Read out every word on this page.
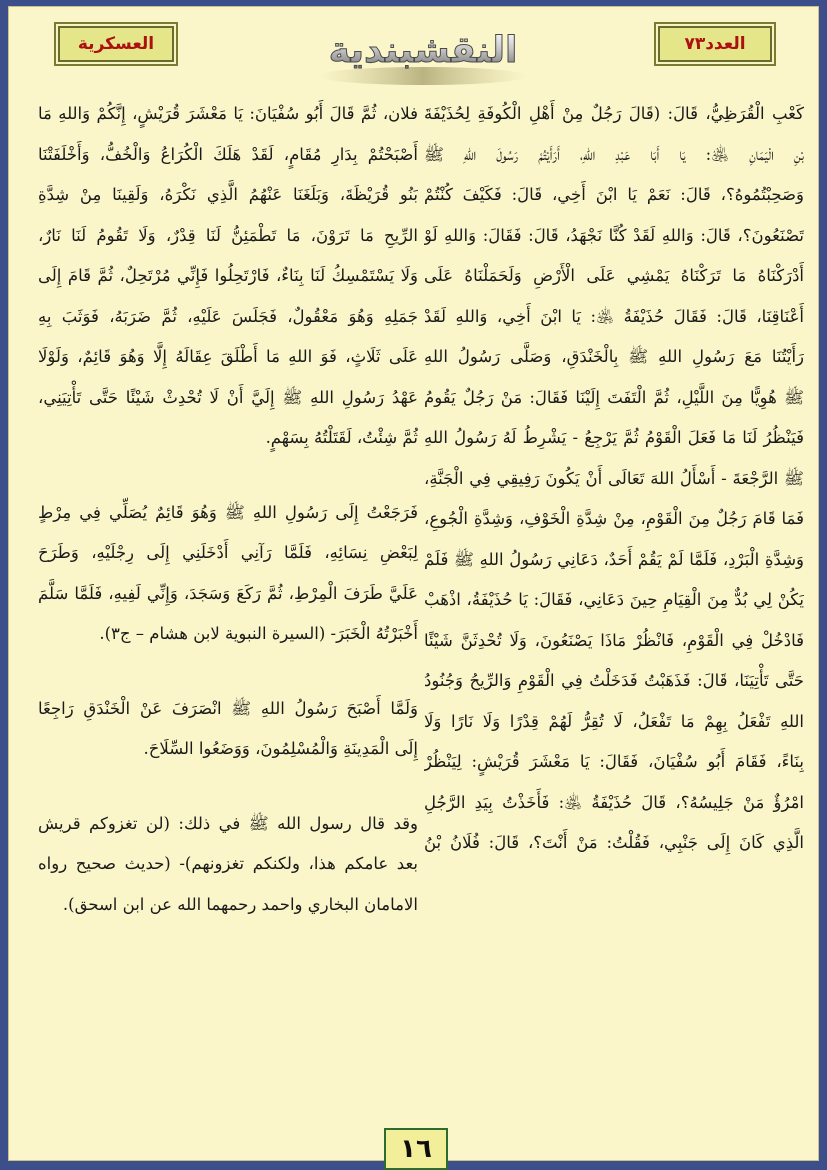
العسكرية	النقشبندية	العدد٧٣

كَعْبِ الْقُرَظِيُّ، قَالَ: (قَالَ رَجُلٌ مِنْ أَهْلِ الْكُوفَةِ لِحُذَيْفَةَ
بْنِ الْيَمَانِ ﵁: يَا أَبَا عَبْدِ اللهِ، أَرَأَيْتُمْ رَسُولَ اللهِ ﷺ
وَصَحِبْتُمُوهُ؟، قَالَ: نَعَمْ يَا ابْنَ أَخِي، قَالَ: فَكَيْفَ كُنْتُمْ
تَصْنَعُونَ؟، قَالَ: وَاللهِ لَقَدْ كُنَّا نَجْهَدُ، قَالَ: فَقَالَ: وَاللهِ لَوْ
أَدْرَكْنَاهُ مَا تَرَكْنَاهُ يَمْشِي عَلَى الْأَرْضِ وَلَحَمَلْنَاهُ عَلَى
أَعْنَاقِنَا، قَالَ: فَقَالَ حُذَيْفَةُ ﵁: يَا ابْنَ أَخِي، وَاللهِ لَقَدْ
رَأَيْتُنَا مَعَ رَسُولِ اللهِ ﷺ بِالْخَنْدَقِ، وَصَلَّى رَسُولُ اللهِ
ﷺ هُوِيًّا مِنَ اللَّيْلِ، ثُمَّ الْتَفَتَ إِلَيْنَا فَقَالَ: مَنْ رَجُلٌ يَقُومُ
فَيَنْظُرُ لَنَا مَا فَعَلَ الْقَوْمُ ثُمَّ يَرْجِعُ - يَشْرِطُ لَهُ رَسُولُ اللهِ
ﷺ الرَّجْعَةَ - أَسْأَلُ اللهَ تَعَالَى أَنْ يَكُونَ رَفِيقِي فِي الْجَنَّةِ،
فَمَا قَامَ رَجُلٌ مِنَ الْقَوْمِ، مِنْ شِدَّةِ الْخَوْفِ، وَشِدَّةِ الْجُوعِ،
وَشِدَّةِ الْبَرْدِ، فَلَمَّا لَمْ يَقُمْ أَحَدٌ، دَعَانِي رَسُولُ اللهِ ﷺ فَلَمْ
يَكُنْ لِي بُدٌّ مِنَ الْقِيَامِ حِينَ دَعَانِي، فَقَالَ: يَا حُذَيْفَةُ، اذْهَبْ
فَادْخُلْ فِي الْقَوْمِ، فَانْظُرْ مَاذَا يَصْنَعُونَ، وَلَا تُحْدِثَنَّ شَيْئًا
حَتَّى تَأْتِيَنَا، قَالَ: فَذَهَبْتُ فَدَخَلْتُ فِي الْقَوْمِ وَالرِّيحُ وَجُنُودُ
اللهِ تَفْعَلُ بِهِمْ مَا تَفْعَلُ، لَا تُقِرُّ لَهُمْ قِدْرًا وَلَا نَارًا وَلَا
بِنَاءً، فَقَامَ أَبُو سُفْيَانَ، فَقَالَ: يَا مَعْشَرَ قُرَيْشٍ: لِيَنْظُرْ
امْرُؤٌ مَنْ جَلِيسُهُ؟، قَالَ حُذَيْفَةُ ﵁: فَأَخَذْتُ بِيَدِ الرَّجُلِ
الَّذِي كَانَ إِلَى جَنْبِي، فَقُلْتُ: مَنْ أَنْتَ؟، قَالَ: فُلَانُ بْنُ

فلان، ثُمَّ قَالَ أَبُو سُفْيَانَ: يَا مَعْشَرَ قُرَيْشٍ، إِنَّكُمْ وَاللهِ مَا
أَصْبَحْتُمْ بِدَارِ مُقَامٍ، لَقَدْ هَلَكَ الْكُرَاعُ وَالْخُفُّ، وَأَخْلَفَتْنَا
بَنُو قُرَيْظَةَ، وَبَلَغَنَا عَنْهُمُ الَّذِي نَكْرَهُ، وَلَقِينَا مِنْ شِدَّةِ
الرِّيحِ مَا تَرَوْنَ، مَا تَطْمَئِنُّ لَنَا قِدْرٌ، وَلَا تَقُومُ لَنَا نَارٌ،
وَلَا يَسْتَمْسِكُ لَنَا بِنَاءٌ، فَارْتَحِلُوا فَإِنِّي مُرْتَحِلٌ، ثُمَّ قَامَ إِلَى
جَمَلِهِ وَهُوَ مَعْقُولٌ، فَجَلَسَ عَلَيْهِ، ثُمَّ ضَرَبَهُ، فَوَثَبَ بِهِ
عَلَى ثَلَاثٍ، فَوَ اللهِ مَا أَطْلَقَ عِقَالَهُ إِلَّا وَهُوَ قَائِمٌ، وَلَوْلَا
عَهْدُ رَسُولِ اللهِ ﷺ إِلَيَّ أَنْ لَا تُحْدِثْ شَيْئًا حَتَّى تَأْتِيَنِي،
ثُمَّ شِئْتُ، لَقَتَلْتُهُ بِسَهْمٍ.

فَرَجَعْتُ إِلَى رَسُولِ اللهِ ﷺ وَهُوَ قَائِمٌ يُصَلِّي فِي مِرْطٍ
لِبَعْضِ نِسَائِهِ، فَلَمَّا رَآنِي أَدْخَلَنِي إِلَى رِجْلَيْهِ، وَطَرَحَ
عَلَيَّ طَرَفَ الْمِرْطِ، ثُمَّ رَكَعَ وَسَجَدَ، وَإِنِّي لَفِيهِ، فَلَمَّا سَلَّمَ
أَخْبَرْتُهُ الْخَبَرَ- (السيرة النبوية لابن هشام – ج٣).

وَلَمَّا أَصْبَحَ رَسُولُ اللهِ ﷺ انْصَرَفَ عَنْ الْخَنْدَقِ رَاجِعًا
إِلَى الْمَدِينَةِ وَالْمُسْلِمُونَ، وَوَضَعُوا السِّلَاحَ.

وقد قال رسول الله ﷺ في ذلك: (لن تغزوكم قريش
بعد عامكم هذا، ولكنكم تغزونهم)- (حديث صحيح رواه
الامامان البخاري واحمد رحمهما الله عن ابن اسحق).

١٦
